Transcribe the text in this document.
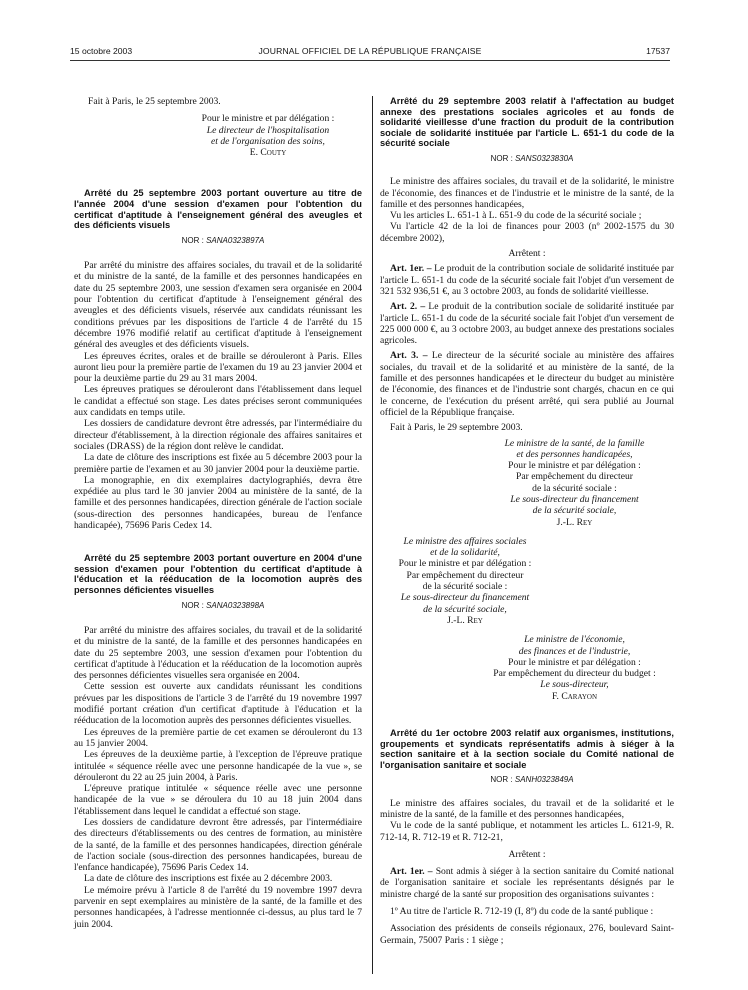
15 octobre 2003	JOURNAL OFFICIEL DE LA RÉPUBLIQUE FRANÇAISE	17537

Fait à Paris, le 25 septembre 2003.

Pour le ministre et par délégation :

Le directeur de l'hospitalisation

et de l'organisation des soins,

E. Couty

Arrêté du 25 septembre 2003 portant ouverture au titre de l'année 2004 d'une session d'examen pour l'obtention du certificat d'aptitude à l'enseignement général des aveugles et des déficients visuels

NOR : SANA0323897A

Par arrêté du ministre des affaires sociales, du travail et de la solidarité et du ministre de la santé, de la famille et des personnes handicapées en date du 25 septembre 2003, une session d'examen sera organisée en 2004 pour l'obtention du certificat d'aptitude à l'enseignement général des aveugles et des déficients visuels, réservée aux candidats réunissant les conditions prévues par les dispositions de l'article 4 de l'arrêté du 15 décembre 1976 modifié relatif au certificat d'aptitude à l'enseignement général des aveugles et des déficients visuels.

Les épreuves écrites, orales et de braille se dérouleront à Paris. Elles auront lieu pour la première partie de l'examen du 19 au 23 janvier 2004 et pour la deuxième partie du 29 au 31 mars 2004.

Les épreuves pratiques se dérouleront dans l'établissement dans lequel le candidat a effectué son stage. Les dates précises seront communiquées aux candidats en temps utile.

Les dossiers de candidature devront être adressés, par l'intermédiaire du directeur d'établissement, à la direction régionale des affaires sanitaires et sociales (DRASS) de la région dont relève le candidat.

La date de clôture des inscriptions est fixée au 5 décembre 2003 pour la première partie de l'examen et au 30 janvier 2004 pour la deuxième partie.

La monographie, en dix exemplaires dactylographiés, devra être expédiée au plus tard le 30 janvier 2004 au ministère de la santé, de la famille et des personnes handicapées, direction générale de l'action sociale (sous-direction des personnes handicapées, bureau de l'enfance handicapée), 75696 Paris Cedex 14.

Arrêté du 25 septembre 2003 portant ouverture en 2004 d'une session d'examen pour l'obtention du certificat d'aptitude à l'éducation et la rééducation de la locomotion auprès des personnes déficientes visuelles

NOR : SANA0323898A

Par arrêté du ministre des affaires sociales, du travail et de la solidarité et du ministre de la santé, de la famille et des personnes handicapées en date du 25 septembre 2003, une session d'examen pour l'obtention du certificat d'aptitude à l'éducation et la rééducation de la locomotion auprès des personnes déficientes visuelles sera organisée en 2004.

Cette session est ouverte aux candidats réunissant les conditions prévues par les dispositions de l'article 3 de l'arrêté du 19 novembre 1997 modifié portant création d'un certificat d'aptitude à l'éducation et la rééducation de la locomotion auprès des personnes déficientes visuelles.

Les épreuves de la première partie de cet examen se dérouleront du 13 au 15 janvier 2004.

Les épreuves de la deuxième partie, à l'exception de l'épreuve pratique intitulée « séquence réelle avec une personne handicapée de la vue », se dérouleront du 22 au 25 juin 2004, à Paris.

L'épreuve pratique intitulée « séquence réelle avec une personne handicapée de la vue » se déroulera du 10 au 18 juin 2004 dans l'établissement dans lequel le candidat a effectué son stage.

Les dossiers de candidature devront être adressés, par l'intermédiaire des directeurs d'établissements ou des centres de formation, au ministère de la santé, de la famille et des personnes handicapées, direction générale de l'action sociale (sous-direction des personnes handicapées, bureau de l'enfance handicapée), 75696 Paris Cedex 14.

La date de clôture des inscriptions est fixée au 2 décembre 2003.

Le mémoire prévu à l'article 8 de l'arrêté du 19 novembre 1997 devra parvenir en sept exemplaires au ministère de la santé, de la famille et des personnes handicapées, à l'adresse mentionnée ci-dessus, au plus tard le 7 juin 2004.

Arrêté du 29 septembre 2003 relatif à l'affectation au budget annexe des prestations sociales agricoles et au fonds de solidarité vieillesse d'une fraction du produit de la contribution sociale de solidarité instituée par l'article L. 651-1 du code de la sécurité sociale

NOR : SANS0323830A

Le ministre des affaires sociales, du travail et de la solidarité, le ministre de l'économie, des finances et de l'industrie et le ministre de la santé, de la famille et des personnes handicapées,

Vu les articles L. 651-1 à L. 651-9 du code de la sécurité sociale ;

Vu l'article 42 de la loi de finances pour 2003 (nº 2002-1575 du 30 décembre 2002),

Arrêtent :

Art. 1er. – Le produit de la contribution sociale de solidarité instituée par l'article L. 651-1 du code de la sécurité sociale fait l'objet d'un versement de 321 532 936,51 €, au 3 octobre 2003, au fonds de solidarité vieillesse.

Art. 2. – Le produit de la contribution sociale de solidarité instituée par l'article L. 651-1 du code de la sécurité sociale fait l'objet d'un versement de 225 000 000 €, au 3 octobre 2003, au budget annexe des prestations sociales agricoles.

Art. 3. – Le directeur de la sécurité sociale au ministère des affaires sociales, du travail et de la solidarité et au ministère de la santé, de la famille et des personnes handicapées et le directeur du budget au ministère de l'économie, des finances et de l'industrie sont chargés, chacun en ce qui le concerne, de l'exécution du présent arrêté, qui sera publié au Journal officiel de la République française.

Fait à Paris, le 29 septembre 2003.

Le ministre de la santé, de la famille

et des personnes handicapées,

Pour le ministre et par délégation :

Par empêchement du directeur

de la sécurité sociale :

Le sous-directeur du financement

de la sécurité sociale,

J.-L. Rey

Le ministre des affaires sociales

et de la solidarité,

Pour le ministre et par délégation :

Par empêchement du directeur

de la sécurité sociale :

Le sous-directeur du financement

de la sécurité sociale,

J.-L. Rey

Le ministre de l'économie,

des finances et de l'industrie,

Pour le ministre et par délégation :

Par empêchement du directeur du budget :

Le sous-directeur,

F. Carayon

Arrêté du 1er octobre 2003 relatif aux organismes, institutions, groupements et syndicats représentatifs admis à siéger à la section sanitaire et à la section sociale du Comité national de l'organisation sanitaire et sociale

NOR : SANH0323849A

Le ministre des affaires sociales, du travail et de la solidarité et le ministre de la santé, de la famille et des personnes handicapées,

Vu le code de la santé publique, et notamment les articles L. 6121-9, R. 712-14, R. 712-19 et R. 712-21,

Arrêtent :

Art. 1er. – Sont admis à siéger à la section sanitaire du Comité national de l'organisation sanitaire et sociale les représentants désignés par le ministre chargé de la santé sur proposition des organisations suivantes :

1º Au titre de l'article R. 712-19 (I, 8º) du code de la santé publique :

Association des présidents de conseils régionaux, 276, boulevard Saint-Germain, 75007 Paris : 1 siège ;
